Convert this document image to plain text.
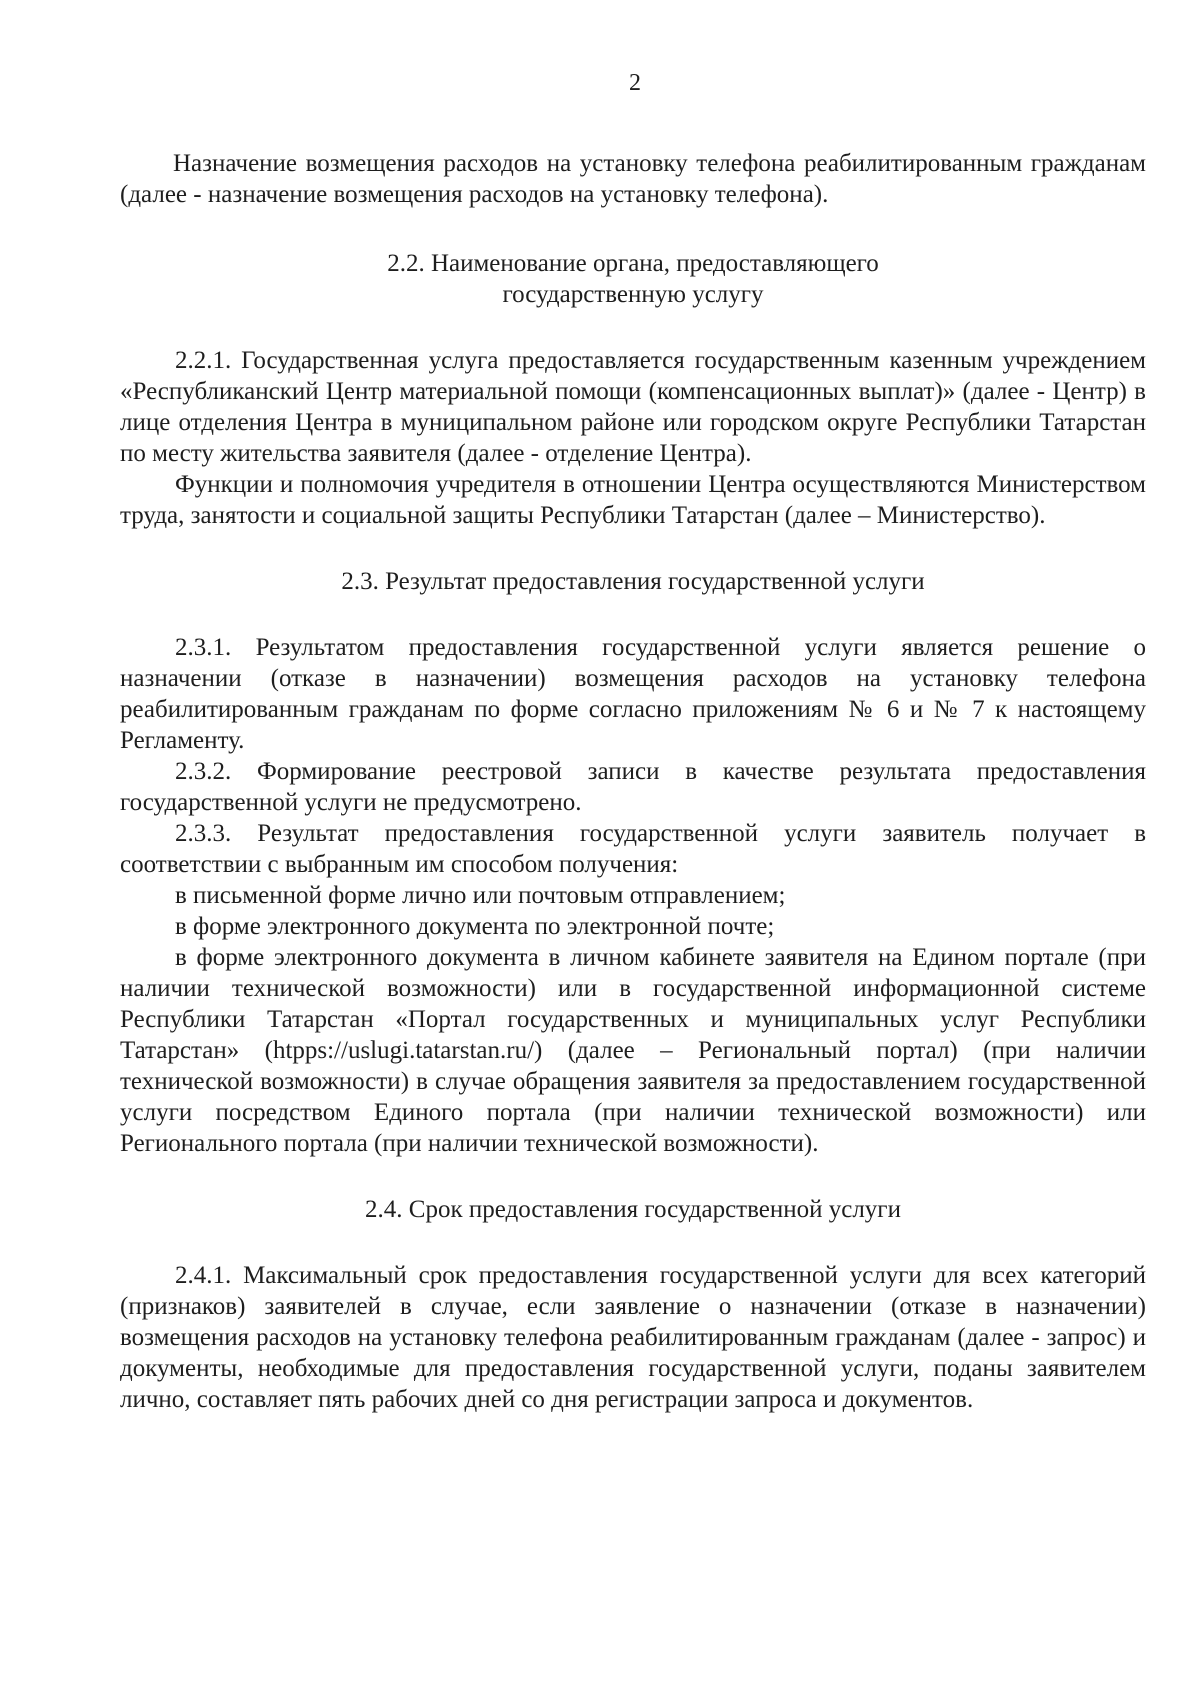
2

Назначение возмещения расходов на установку телефона реабилитированным гражданам (далее - назначение возмещения расходов на установку телефона).

2.2. Наименование органа, предоставляющего
государственную услугу

2.2.1. Государственная услуга предоставляется государственным казенным учреждением «Республиканский Центр материальной помощи (компенсационных выплат)» (далее - Центр) в лице отделения Центра в муниципальном районе или городском округе Республики Татарстан по месту жительства заявителя (далее - отделение Центра).

Функции и полномочия учредителя в отношении Центра осуществляются Министерством труда, занятости и социальной защиты Республики Татарстан (далее – Министерство).

2.3. Результат предоставления государственной услуги

2.3.1. Результатом предоставления государственной услуги является решение о назначении (отказе в назначении) возмещения расходов на установку телефона реабилитированным гражданам по форме согласно приложениям № 6 и № 7 к настоящему Регламенту.

2.3.2. Формирование реестровой записи в качестве результата предоставления государственной услуги не предусмотрено.

2.3.3. Результат предоставления государственной услуги заявитель получает в соответствии с выбранным им способом получения:

в письменной форме лично или почтовым отправлением;

в форме электронного документа по электронной почте;

в форме электронного документа в личном кабинете заявителя на Едином портале (при наличии технической возможности) или в государственной информационной системе Республики Татарстан «Портал государственных и муниципальных услуг Республики Татарстан» (htpps://uslugi.tatarstan.ru/) (далее – Региональный портал) (при наличии технической возможности) в случае обращения заявителя за предоставлением государственной услуги посредством Единого портала (при наличии технической возможности) или Регионального портала (при наличии технической возможности).

2.4. Срок предоставления государственной услуги

2.4.1. Максимальный срок предоставления государственной услуги для всех категорий (признаков) заявителей в случае, если заявление о назначении (отказе в назначении) возмещения расходов на установку телефона реабилитированным гражданам (далее - запрос) и документы, необходимые для предоставления государственной услуги, поданы заявителем лично, составляет пять рабочих дней со дня регистрации запроса и документов.
